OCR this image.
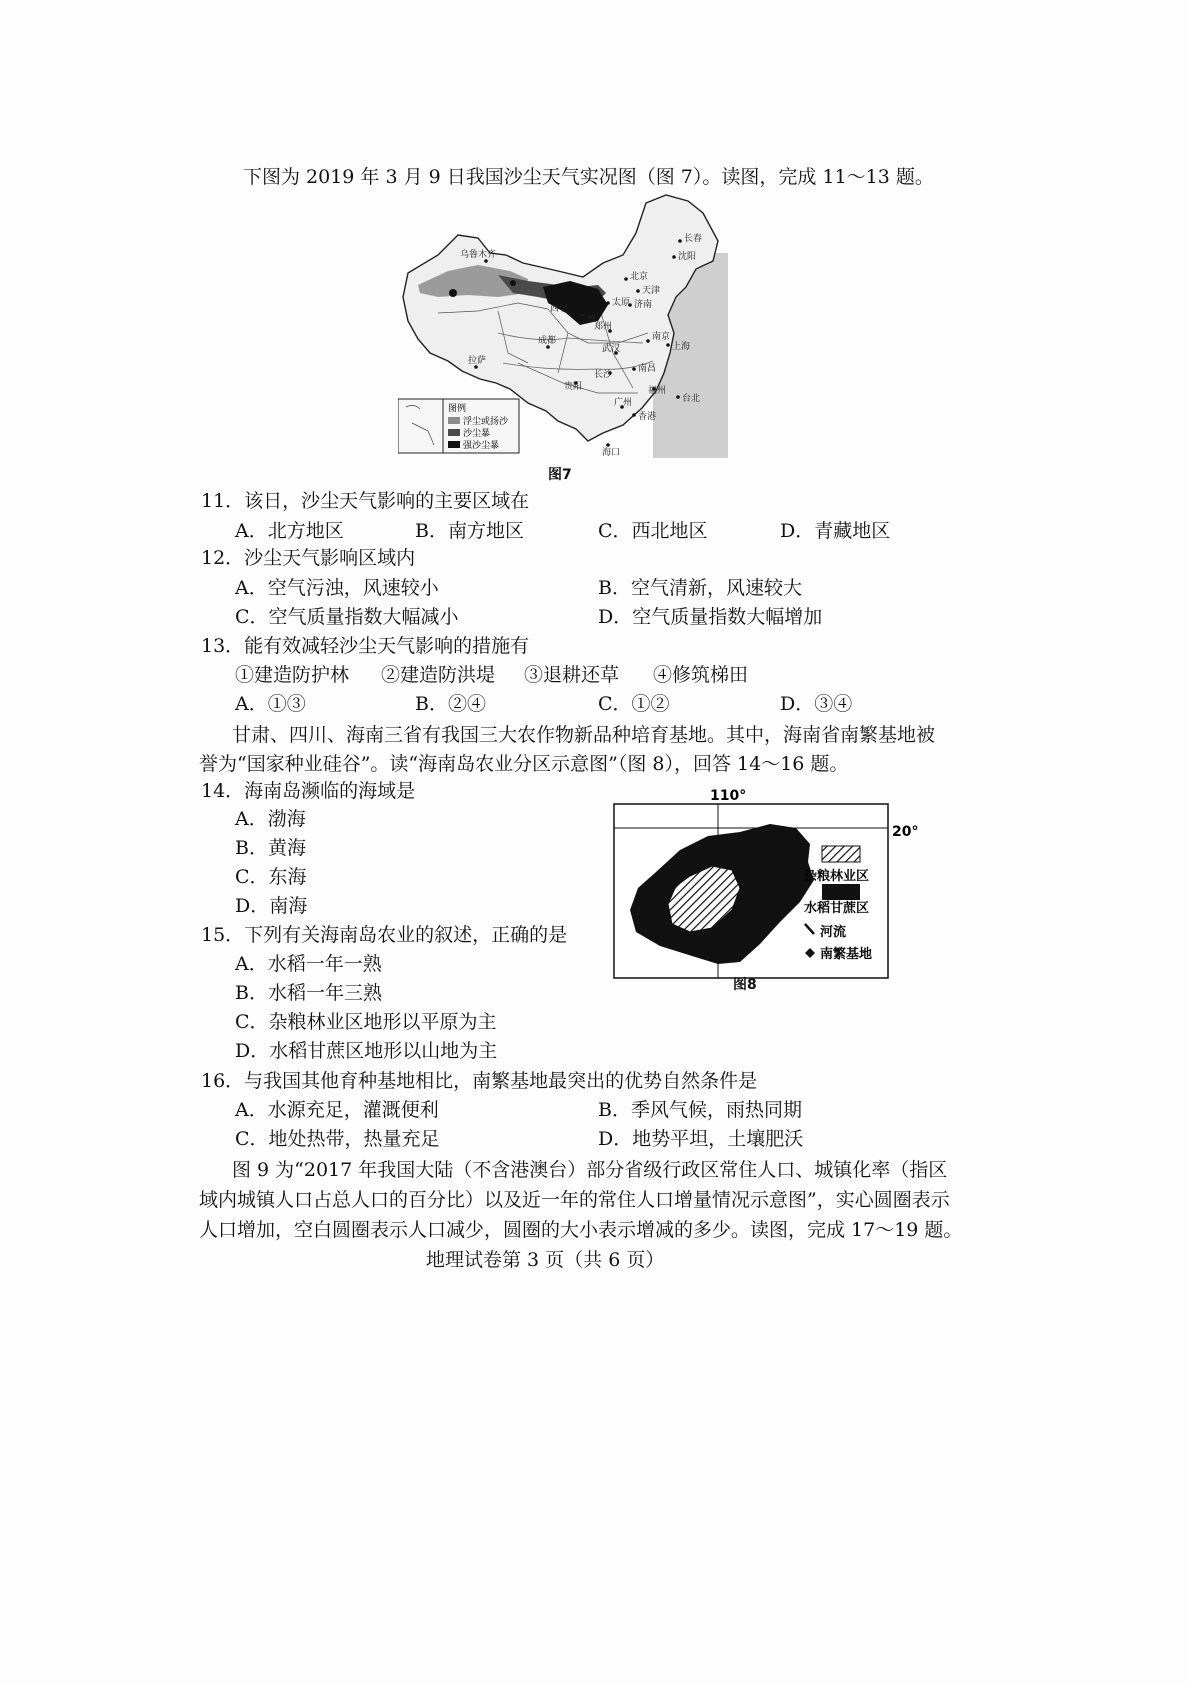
下图为 2019 年 3 月 9 日我国沙尘天气实况图（图 7）。读图，完成 11～13 题。
乌鲁木齐
长春
沈阳
北京
天津
济南
西宁
兰州
太原
郑州
成都
拉萨
武汉
南京
上海
长沙
南昌
贵阳	福州
台北
广州
香港
海口
图例
浮尘或扬沙
沙尘暴
强沙尘暴
图7
11．该日，沙尘天气影响的主要区域在
A．北方地区	B．南方地区	C．西北地区	D．青藏地区
12．沙尘天气影响区域内
A．空气污浊，风速较小	B．空气清新，风速较大
C．空气质量指数大幅减小	D．空气质量指数大幅增加
13．能有效减轻沙尘天气影响的措施有
①建造防护林 ②建造防洪堤 ③退耕还草 ④修筑梯田
A．①③	B．②④	C．①②	D．③④
甘肃、四川、海南三省有我国三大农作物新品种培育基地。其中，海南省南繁基地被
誉为“国家种业硅谷”。读“海南岛农业分区示意图”（图 8），回答 14～16 题。
110°
20°
杂粮林业区
水稻甘蔗区
河流
南繁基地
图8
14．海南岛濒临的海域是
A．渤海
B．黄海
C．东海
D．南海
15．下列有关海南岛农业的叙述，正确的是
A．水稻一年一熟
B．水稻一年三熟
C．杂粮林业区地形以平原为主
D．水稻甘蔗区地形以山地为主
16．与我国其他育种基地相比，南繁基地最突出的优势自然条件是
A．水源充足，灌溉便利	B．季风气候，雨热同期
C．地处热带，热量充足	D．地势平坦，土壤肥沃
图 9 为“2017 年我国大陆（不含港澳台）部分省级行政区常住人口、城镇化率（指区
域内城镇人口占总人口的百分比）以及近一年的常住人口增量情况示意图”，实心圆圈表示
人口增加，空白圆圈表示人口减少，圆圈的大小表示增减的多少。读图，完成 17～19 题。
地理试卷第 3 页（共 6 页）
